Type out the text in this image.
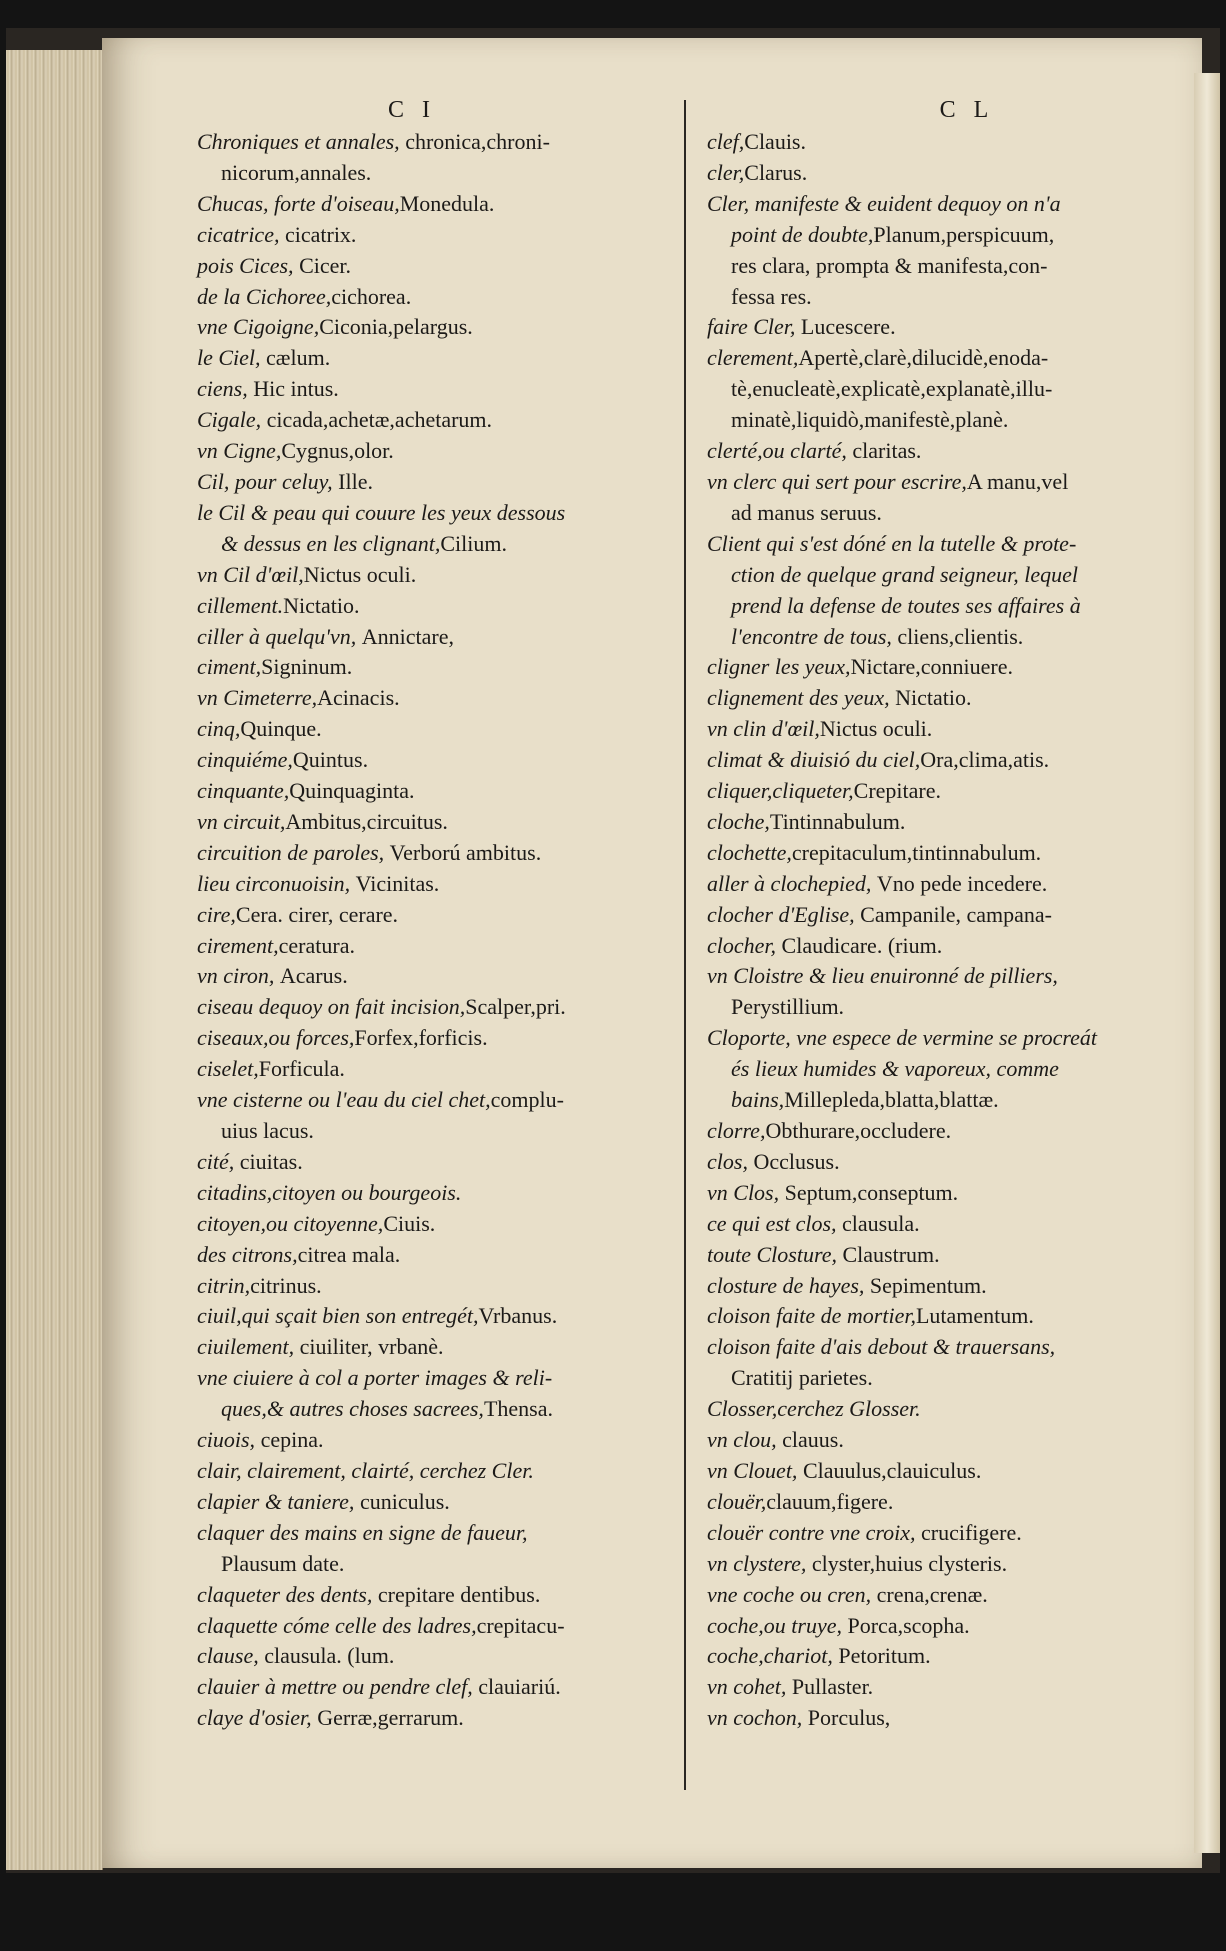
C I
Chroniques et annales, chronica,chroni-
nicorum,annales.
Chucas, forte d'oiseau,Monedula.
cicatrice, cicatrix.
pois Cices, Cicer.
de la Cichoree,cichorea.
vne Cigoigne,Ciconia,pelargus.
le Ciel, cælum.
ciens, Hic intus.
Cigale, cicada,achetæ,achetarum.
vn Cigne,Cygnus,olor.
Cil, pour celuy, Ille.
le Cil & peau qui couure les yeux dessous
& dessus en les clignant,Cilium.
vn Cil d'œil,Nictus oculi.
cillement.Nictatio.
ciller à quelqu'vn, Annictare,
ciment,Signinum.
vn Cimeterre,Acinacis.
cinq,Quinque.
cinquiéme,Quintus.
cinquante,Quinquaginta.
vn circuit,Ambitus,circuitus.
circuition de paroles, Verború ambitus.
lieu circonuoisin, Vicinitas.
cire,Cera. cirer, cerare.
cirement,ceratura.
vn ciron, Acarus.
ciseau dequoy on fait incision,Scalper,pri.
ciseaux,ou forces,Forfex,forficis.
ciselet,Forficula.
vne cisterne ou l'eau du ciel chet,complu-
uius lacus.
cité, ciuitas.
citadins,citoyen ou bourgeois.
citoyen,ou citoyenne,Ciuis.
des citrons,citrea mala.
citrin,citrinus.
ciuil,qui sçait bien son entregét,Vrbanus.
ciuilement, ciuiliter, vrbanè.
vne ciuiere à col a porter images & reli-
ques,& autres choses sacrees,Thensa.
ciuois, cepina.
clair, clairement, clairté, cerchez Cler.
clapier & taniere, cuniculus.
claquer des mains en signe de faueur,
Plausum date.
claqueter des dents, crepitare dentibus.
claquette cóme celle des ladres,crepitacu-
clause, clausula. (lum.
clauier à mettre ou pendre clef, clauiariú.
claye d'osier, Gerræ,gerrarum.
C L
clef,Clauis.
cler,Clarus.
Cler, manifeste & euident dequoy on n'a
point de doubte,Planum,perspicuum,
res clara, prompta & manifesta,con-
fessa res.
faire Cler, Lucescere.
clerement,Apertè,clarè,dilucidè,enoda-
tè,enucleatè,explicatè,explanatè,illu-
minatè,liquidò,manifestè,planè.
clerté,ou clarté, claritas.
vn clerc qui sert pour escrire,A manu,vel
ad manus seruus.
Client qui s'est dóné en la tutelle & prote-
ction de quelque grand seigneur, lequel
prend la defense de toutes ses affaires à
l'encontre de tous, cliens,clientis.
cligner les yeux,Nictare,conniuere.
clignement des yeux, Nictatio.
vn clin d'œil,Nictus oculi.
climat & diuisió du ciel,Ora,clima,atis.
cliquer,cliqueter,Crepitare.
cloche,Tintinnabulum.
clochette,crepitaculum,tintinnabulum.
aller à clochepied, Vno pede incedere.
clocher d'Eglise, Campanile, campana-
clocher, Claudicare. (rium.
vn Cloistre & lieu enuironné de pilliers,
Perystillium.
Cloporte, vne espece de vermine se procreát
és lieux humides & vaporeux, comme
bains,Millepleda,blatta,blattæ.
clorre,Obthurare,occludere.
clos, Occlusus.
vn Clos, Septum,conseptum.
ce qui est clos, clausula.
toute Closture, Claustrum.
closture de hayes, Sepimentum.
cloison faite de mortier,Lutamentum.
cloison faite d'ais debout & trauersans,
Cratitij parietes.
Closser,cerchez Glosser.
vn clou, clauus.
vn Clouet, Clauulus,clauiculus.
clouër,clauum,figere.
clouër contre vne croix, crucifigere.
vn clystere, clyster,huius clysteris.
vne coche ou cren, crena,crenæ.
coche,ou truye, Porca,scopha.
coche,chariot, Petoritum.
vn cohet, Pullaster.
vn cochon, Porculus,
